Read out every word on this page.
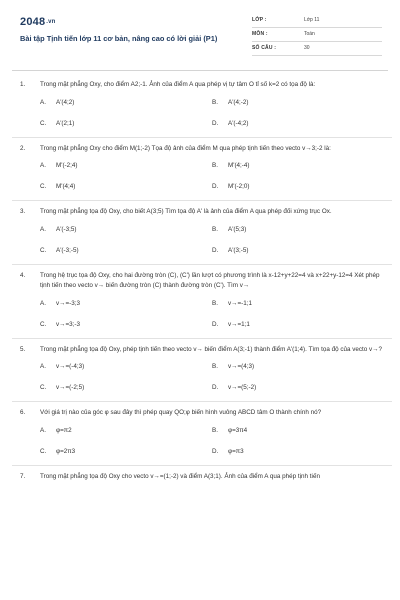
2048.vn
Bài tập Tịnh tiến lớp 11 cơ bản, nâng cao có lời giải (P1)
LỚP :	Lớp 11
MÔN :	Toán
SỐ CÂU :	30
1. Trong mặt phẳng Oxy, cho điểm A2;-1. Ảnh của điểm A qua phép vị tự tâm O tỉ số k=2 có tọa độ là:
A. A'(4;2)	B. A'(4;-2)
C. A'(2;1)	D. A'(-4;2)
2. Trong mặt phẳng Oxy cho điểm M(1;-2) Tọa độ ảnh của điểm M qua phép tịnh tiến theo vecto v→3;-2 là:
A. M'(-2;4)	B. M'(4;-4)
C. M'(4;4)	D. M'(-2;0)
3. Trong mặt phẳng tọa độ Oxy, cho biết A(3;5) Tìm tọa độ A' là ảnh của điểm A qua phép đối xứng trục Ox.
A. A'(-3;5)	B. A'(5;3)
C. A'(-3;-5)	D. A'(3;-5)
4. Trong hệ trục tọa độ Oxy, cho hai đường tròn (C), (C') lần lượt có phương trình là x-12+y+22=4 và x+22+y-12=4 Xét phép tịnh tiến theo vecto v→ biến đường tròn (C) thành đường tròn (C'). Tìm v→
A. v→=-3;3	B. v→=-1;1
C. v→=3;-3	D. v→=1;1
5. Trong mặt phẳng tọa độ Oxy, phép tịnh tiến theo vecto v→ biến điểm A(3;-1) thành điểm A'(1;4). Tìm tọa độ của vecto v→?
A. v→=(-4;3)	B. v→=(4;3)
C. v→=(-2;5)	D. v→=(5;-2)
6. Với giá trị nào của góc φ sau đây thì phép quay QO;φ biến hình vuông ABCD tâm O thành chính nó?
A. φ=π2	B. φ=3π4
C. φ=2π3	D. φ=π3
7. Trong mặt phẳng tọa độ Oxy cho vecto v→=(1;-2) và điểm A(3;1). Ảnh của điểm A qua phép tịnh tiến
